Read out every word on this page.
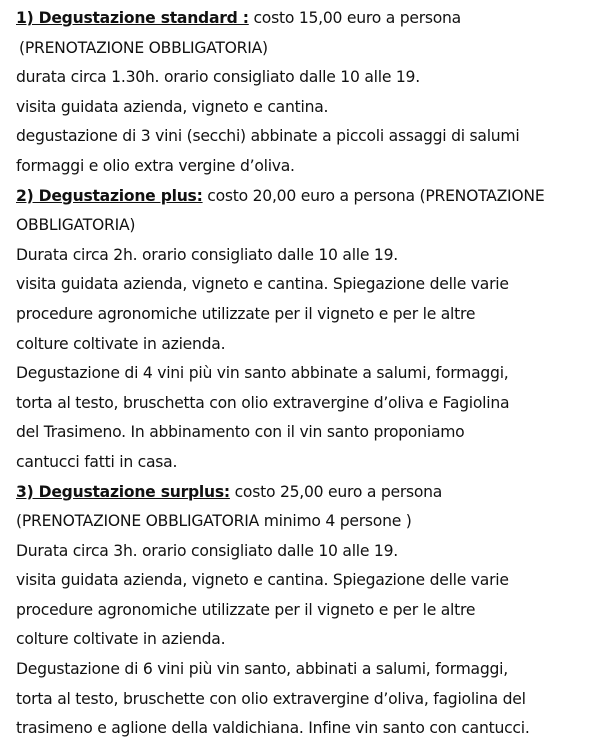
1) Degustazione standard : costo 15,00 euro a persona
(PRENOTAZIONE OBBLIGATORIA)
durata circa 1.30h. orario consigliato dalle 10 alle 19.
visita guidata azienda, vigneto e cantina.
degustazione di 3 vini (secchi) abbinate a piccoli assaggi di salumi
formaggi e olio extra vergine d’oliva.
2) Degustazione plus: costo 20,00 euro a persona (PRENOTAZIONE
OBBLIGATORIA)
Durata circa 2h. orario consigliato dalle 10 alle 19.
visita guidata azienda, vigneto e cantina. Spiegazione delle varie
procedure agronomiche utilizzate per il vigneto e per le altre
colture coltivate in azienda.
Degustazione di 4 vini più vin santo abbinate a salumi, formaggi,
torta al testo, bruschetta con olio extravergine d’oliva e Fagiolina
del Trasimeno. In abbinamento con il vin santo proponiamo
cantucci fatti in casa.
3) Degustazione surplus: costo 25,00 euro a persona
(PRENOTAZIONE OBBLIGATORIA minimo 4 persone )
Durata circa 3h. orario consigliato dalle 10 alle 19.
visita guidata azienda, vigneto e cantina. Spiegazione delle varie
procedure agronomiche utilizzate per il vigneto e per le altre
colture coltivate in azienda.
Degustazione di 6 vini più vin santo, abbinati a salumi, formaggi,
torta al testo, bruschette con olio extravergine d’oliva, fagiolina del
trasimeno e aglione della valdichiana. Infine vin santo con cantucci.
